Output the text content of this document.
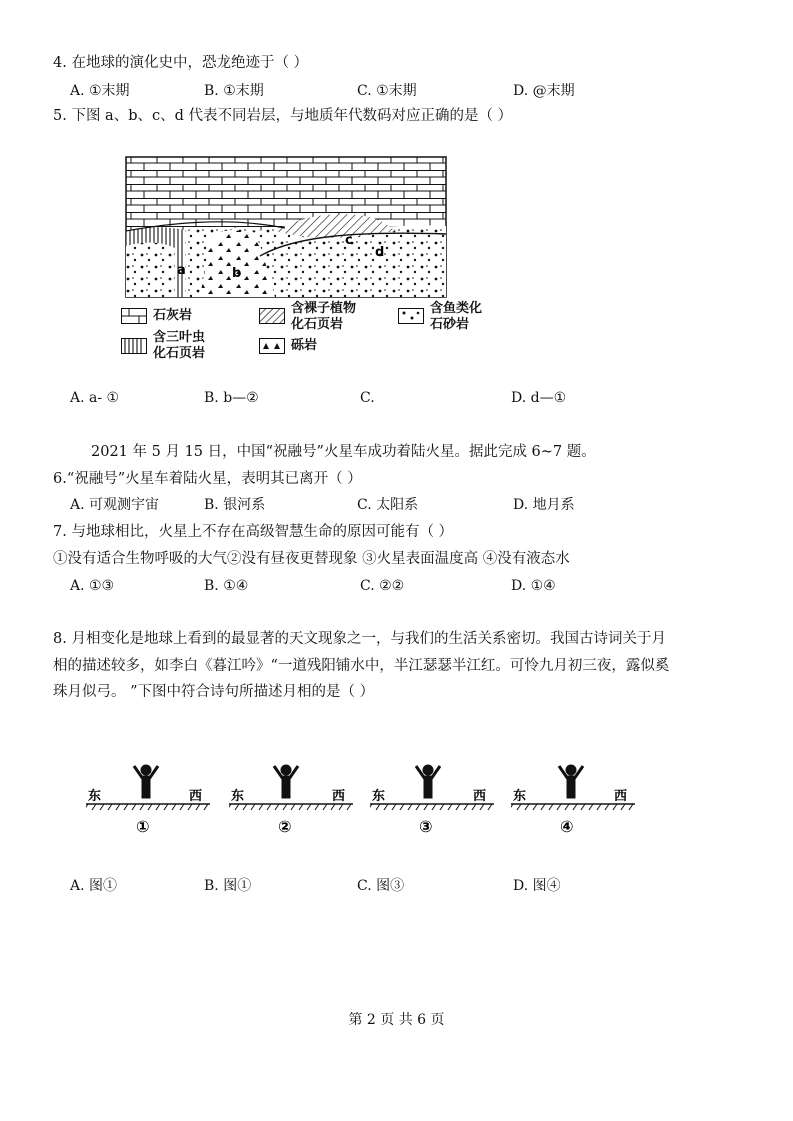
4. 在地球的演化史中，恐龙绝迹于（ ）
A. ①末期	B. ①末期	C. ①末期	D. @末期
5. 下图 a、b、c、d 代表不同岩层，与地质年代数码对应正确的是（ ）
a	b
c
d
石灰岩	含裸子植物
化石页岩
含鱼类化
石砂岩
含三叶虫
化石页岩
砾岩
A. a- ①	B. b—②	C.	D. d—①
2021 年 5 月 15 日，中国“祝融号”火星车成功着陆火星。据此完成 6~7 题。
6.“祝融号”火星车着陆火星，表明其已离开（ ）
A. 可观测宇宙	B. 银河系	C. 太阳系	D. 地月系
7. 与地球相比，火星上不存在高级智慧生命的原因可能有（ ）
①没有适合生物呼吸的大气②没有昼夜更替现象 ③火星表面温度高 ④没有液态水
A. ①③	B. ①④	C. ②②	D. ①④
8. 月相变化是地球上看到的最显著的天文现象之一，与我们的生活关系密切。我国古诗词关于月
相的描述较多，如李白《暮江吟》“一道残阳铺水中，半江瑟瑟半江红。可怜九月初三夜，露似奚
珠月似弓。 ”下图中符合诗句所描述月相的是（ ）
东	西
①
东	西
②
东	西
③
东	西
④
A. 图①	B. 图①	C. 图③	D. 图④
第 2 页 共 6 页
